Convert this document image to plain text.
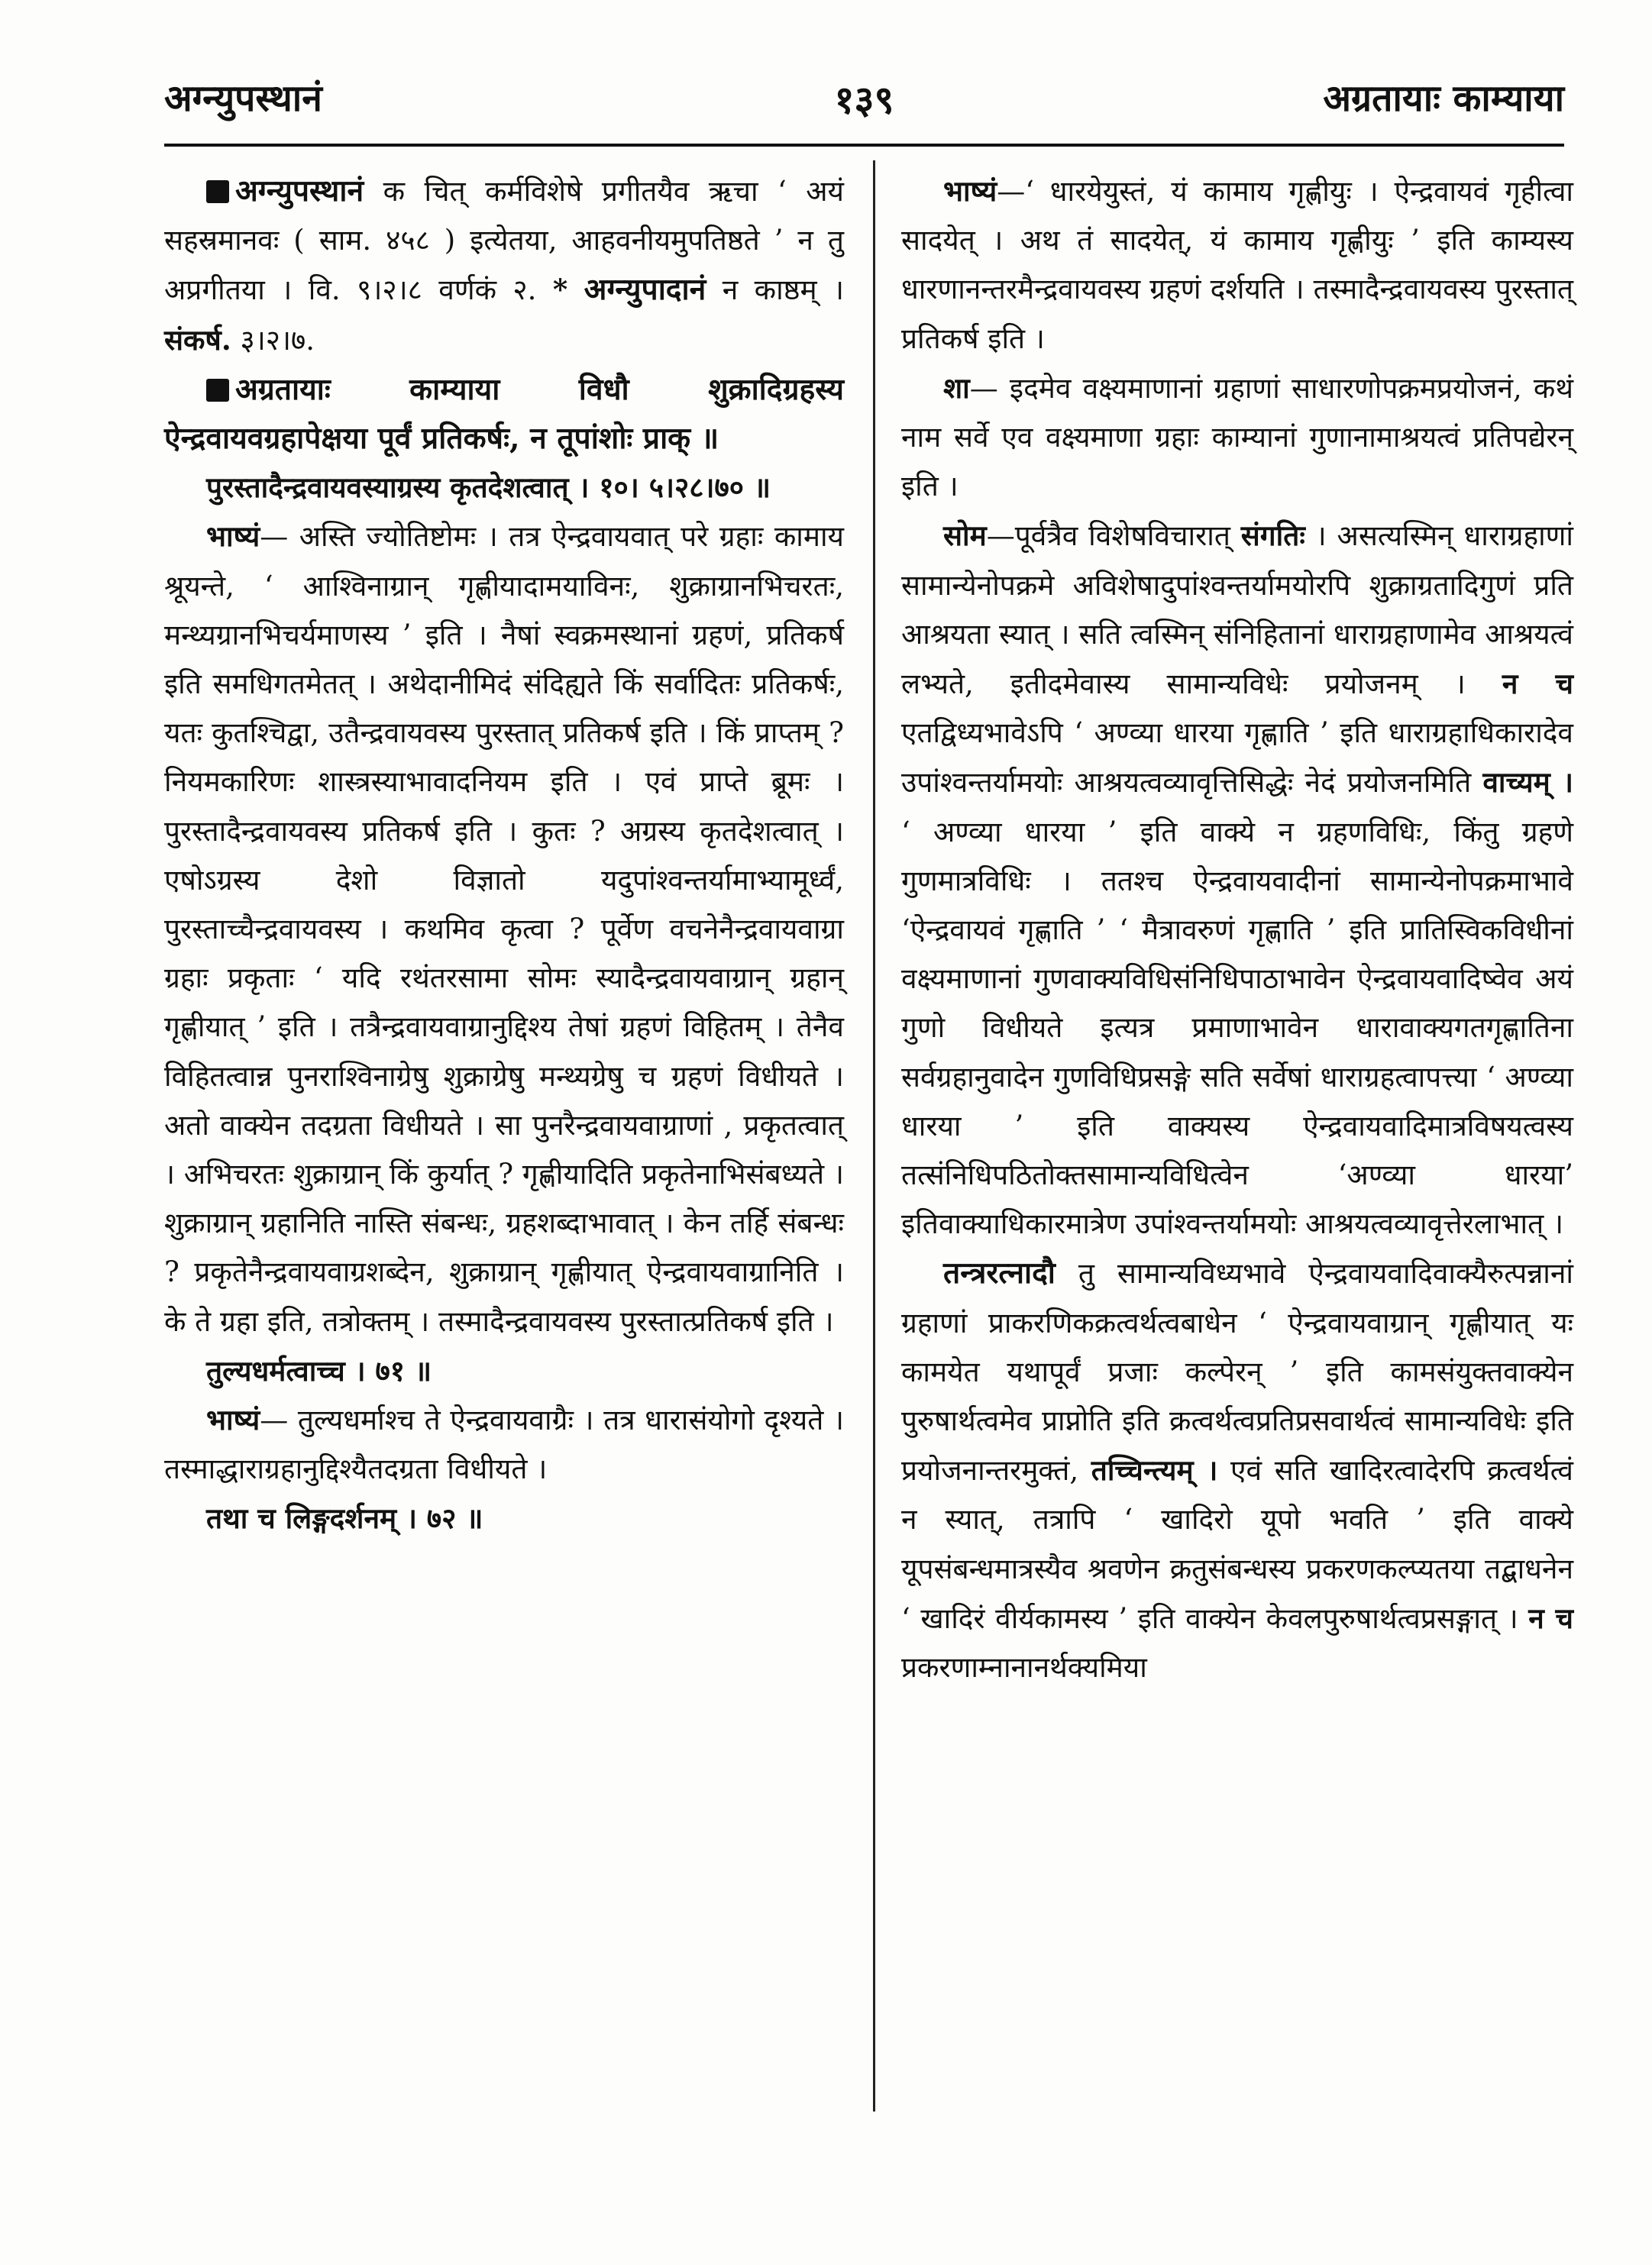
अग्न्युपस्थानं	१३९	अग्रतायाः काम्याया

अग्न्युपस्थानं क चित् कर्मविशेषे प्रगीतयैव ऋचा ‘ अयं सहस्रमानवः ( साम. ४५८ ) इत्येतया, आहवनीयमुपतिष्ठते ’ न तु अप्रगीतया । वि. ९।२।८ वर्णकं २. * अग्न्युपादानं न काष्ठम् । संकर्ष. ३।२।७.

अग्रतायाः काम्याया विधौ शुक्रादिग्रहस्य ऐन्द्रवायवग्रहापेक्षया पूर्वं प्रतिकर्षः, न तूपांशोः प्राक् ॥

पुरस्तादैन्द्रवायवस्याग्रस्य कृतदेशत्वात् । १०। ५।२८।७० ॥

भाष्यं— अस्ति ज्योतिष्टोमः । तत्र ऐन्द्रवायवात् परे ग्रहाः कामाय श्रूयन्ते, ‘ आश्विनाग्रान् गृह्णीयादामयाविनः, शुक्राग्रानभिचरतः, मन्थ्यग्रानभिचर्यमाणस्य ’ इति । नैषां स्वक्रमस्थानां ग्रहणं, प्रतिकर्ष इति समधिगतमेतत् । अथेदानीमिदं संदिह्यते किं सर्वादितः प्रतिकर्षः, यतः कुतश्चिद्वा, उतैन्द्रवायवस्य पुरस्तात् प्रतिकर्ष इति । किं प्राप्तम् ? नियमकारिणः शास्त्रस्याभावादनियम इति । एवं प्राप्ते ब्रूमः । पुरस्तादैन्द्रवायवस्य प्रतिकर्ष इति । कुतः ? अग्रस्य कृतदेशत्वात् । एषोऽग्रस्य देशो विज्ञातो यदुपांश्वन्तर्यामाभ्यामूर्ध्वं, पुरस्ताच्चैन्द्रवायवस्य । कथमिव कृत्वा ? पूर्वेण वचनेनैन्द्रवायवाग्रा ग्रहाः प्रकृताः ‘ यदि रथंतरसामा सोमः स्यादैन्द्रवायवाग्रान् ग्रहान् गृह्णीयात् ’ इति । तत्रैन्द्रवायवाग्रानुद्दिश्य तेषां ग्रहणं विहितम् । तेनैव विहितत्वान्न पुनराश्विनाग्रेषु शुक्राग्रेषु मन्थ्यग्रेषु च ग्रहणं विधीयते । अतो वाक्येन तदग्रता विधीयते । सा पुनरैन्द्रवायवाग्राणां , प्रकृतत्वात् । अभिचरतः शुक्राग्रान् किं कुर्यात् ? गृह्णीयादिति प्रकृतेनाभिसंबध्यते । शुक्राग्रान् ग्रहानिति नास्ति संबन्धः, ग्रहशब्दाभावात् । केन तर्हि संबन्धः ? प्रकृतेनैन्द्रवायवाग्रशब्देन, शुक्राग्रान् गृह्णीयात् ऐन्द्रवायवाग्रानिति । के ते ग्रहा इति, तत्रोक्तम् । तस्मादैन्द्रवायवस्य पुरस्तात्प्रतिकर्ष इति ।

तुल्यधर्मत्वाच्च । ७१ ॥

भाष्यं— तुल्यधर्माश्च ते ऐन्द्रवायवाग्रैः । तत्र धारासंयोगो दृश्यते । तस्माद्धाराग्रहानुद्दिश्यैतदग्रता विधीयते ।

तथा च लिङ्गदर्शनम् । ७२ ॥

भाष्यं—‘ धारयेयुस्तं, यं कामाय गृह्णीयुः । ऐन्द्रवायवं गृहीत्वा सादयेत् । अथ तं सादयेत्, यं कामाय गृह्णीयुः ’ इति काम्यस्य धारणानन्तरमैन्द्रवायवस्य ग्रहणं दर्शयति । तस्मादैन्द्रवायवस्य पुरस्तात् प्रतिकर्ष इति ।

शा— इदमेव वक्ष्यमाणानां ग्रहाणां साधारणोपक्रमप्रयोजनं, कथं नाम सर्वे एव वक्ष्यमाणा ग्रहाः काम्यानां गुणानामाश्रयत्वं प्रतिपद्येरन् इति ।

सोम—पूर्वत्रैव विशेषविचारात् संगतिः । असत्यस्मिन् धाराग्रहाणां सामान्येनोपक्रमे अविशेषादुपांश्वन्तर्यामयोरपि शुक्राग्रतादिगुणं प्रति आश्रयता स्यात् । सति त्वस्मिन् संनिहितानां धाराग्रहाणामेव आश्रयत्वं लभ्यते, इतीदमेवास्य सामान्यविधेः प्रयोजनम् । न च एतद्विध्यभावेऽपि ‘ अण्व्या धारया गृह्णाति ’ इति धाराग्रहाधिकारादेव उपांश्वन्तर्यामयोः आश्रयत्वव्यावृत्तिसिद्धेः नेदं प्रयोजनमिति वाच्यम् । ‘ अण्व्या धारया ’ इति वाक्ये न ग्रहणविधिः, किंतु ग्रहणे गुणमात्रविधिः । ततश्च ऐन्द्रवायवादीनां सामान्येनोपक्रमाभावे ‘ऐन्द्रवायवं गृह्णाति ’ ‘ मैत्रावरुणं गृह्णाति ’ इति प्रातिस्विकविधीनां वक्ष्यमाणानां गुणवाक्यविधिसंनिधिपाठाभावेन ऐन्द्रवायवादिष्वेव अयं गुणो विधीयते इत्यत्र प्रमाणाभावेन धारावाक्यगतगृह्णातिना सर्वग्रहानुवादेन गुणविधिप्रसङ्गे सति सर्वेषां धाराग्रहत्वापत्त्या ‘ अण्व्या धारया ’ इति वाक्यस्य ऐन्द्रवायवादिमात्रविषयत्वस्य तत्संनिधिपठितोक्तसामान्यविधित्वेन ‘अण्व्या धारया’ इतिवाक्याधिकारमात्रेण उपांश्वन्तर्यामयोः आश्रयत्वव्यावृत्तेरलाभात् ।

तन्त्ररत्नादौ तु सामान्यविध्यभावे ऐन्द्रवायवादिवाक्यैरुत्पन्नानां ग्रहाणां प्राकरणिकक्रत्वर्थत्वबाधेन ‘ ऐन्द्रवायवाग्रान् गृह्णीयात् यः कामयेत यथापूर्वं प्रजाः कल्पेरन् ’ इति कामसंयुक्तवाक्येन पुरुषार्थत्वमेव प्राप्नोति इति क्रत्वर्थत्वप्रतिप्रसवार्थत्वं सामान्यविधेः इति प्रयोजनान्तरमुक्तं, तच्चिन्त्यम् । एवं सति खादिरत्वादेरपि क्रत्वर्थत्वं न स्यात्, तत्रापि ‘ खादिरो यूपो भवति ’ इति वाक्ये यूपसंबन्धमात्रस्यैव श्रवणेन क्रतुसंबन्धस्य प्रकरणकल्प्यतया तद्बाधनेन ‘ खादिरं वीर्यकामस्य ’ इति वाक्येन केवलपुरुषार्थत्वप्रसङ्गात् । न च प्रकरणाम्नानानर्थक्यमिया
